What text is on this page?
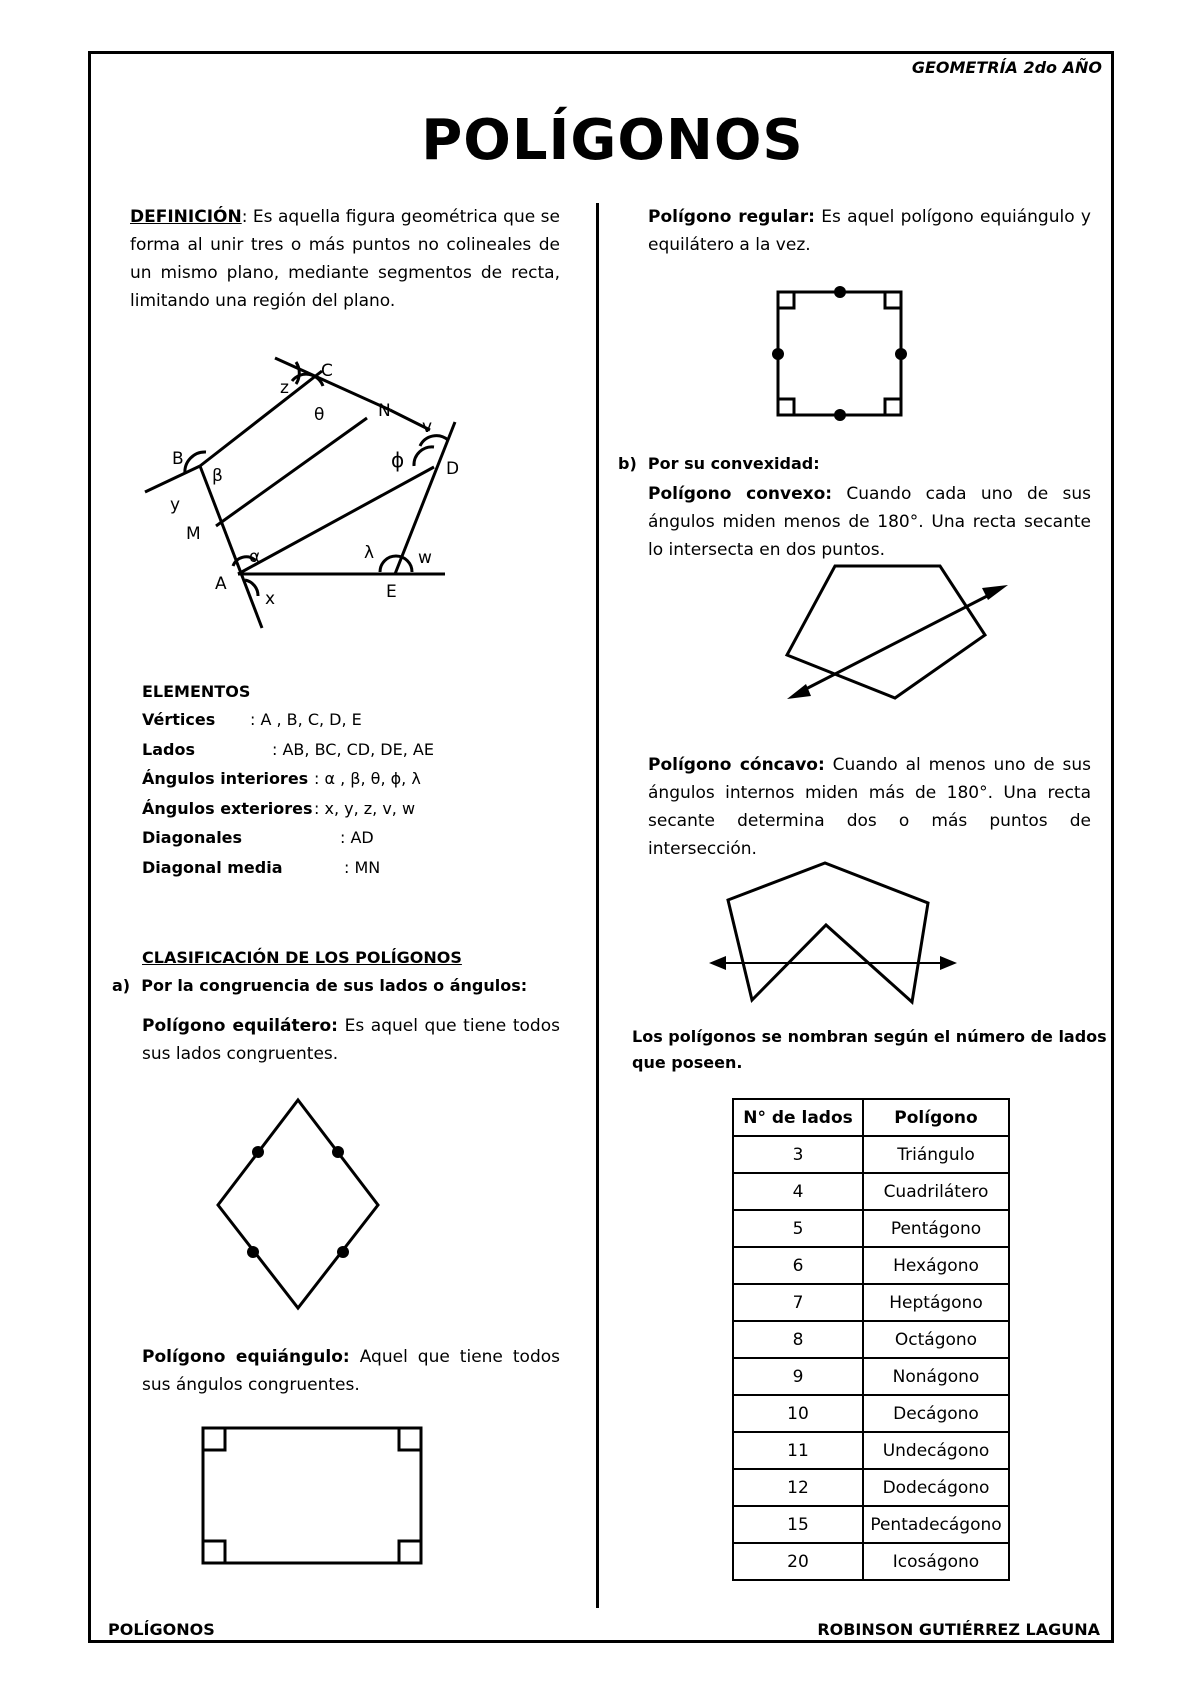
GEOMETRÍA 2do AÑO
POLÍGONOS
DEFINICIÓN: Es aquella figura geométrica que se forma al unir tres o más puntos no colineales de un mismo plano, mediante segmentos de recta, limitando una región del plano.
C
z
θ	N
v
ϕ D
B
β
y
M
α
A
x
λ	w
E
ELEMENTOS
Vértices	: A , B, C, D, E
Lados	: AB, BC, CD, DE, AE
Ángulos interiores : α , β, θ, ϕ, λ
Ángulos exteriores : x, y, z, v, w
Diagonales	: AD
Diagonal media	: MN
CLASIFICACIÓN DE LOS POLÍGONOS
a) Por la congruencia de sus lados o ángulos:
Polígono equilátero: Es aquel que tiene todos sus lados congruentes.
Polígono equiángulo: Aquel que tiene todos sus ángulos congruentes.
Polígono regular: Es aquel polígono equiángulo y equilátero a la vez.
b) Por su convexidad:
Polígono convexo: Cuando cada uno de sus ángulos miden menos de 180°. Una recta secante lo intersecta en dos puntos.
Polígono cóncavo: Cuando al menos uno de sus ángulos internos miden más de 180°. Una recta secante determina dos o más puntos de intersección.
Los polígonos se nombran según el número de lados que poseen.
N° de lados	Polígono
3	Triángulo
4	Cuadrilátero
5	Pentágono
6	Hexágono
7	Heptágono
8	Octágono
9	Nonágono
10	Decágono
11	Undecágono
12	Dodecágono
15	Pentadecágono
20	Icoságono
POLÍGONOS	ROBINSON GUTIÉRREZ LAGUNA
